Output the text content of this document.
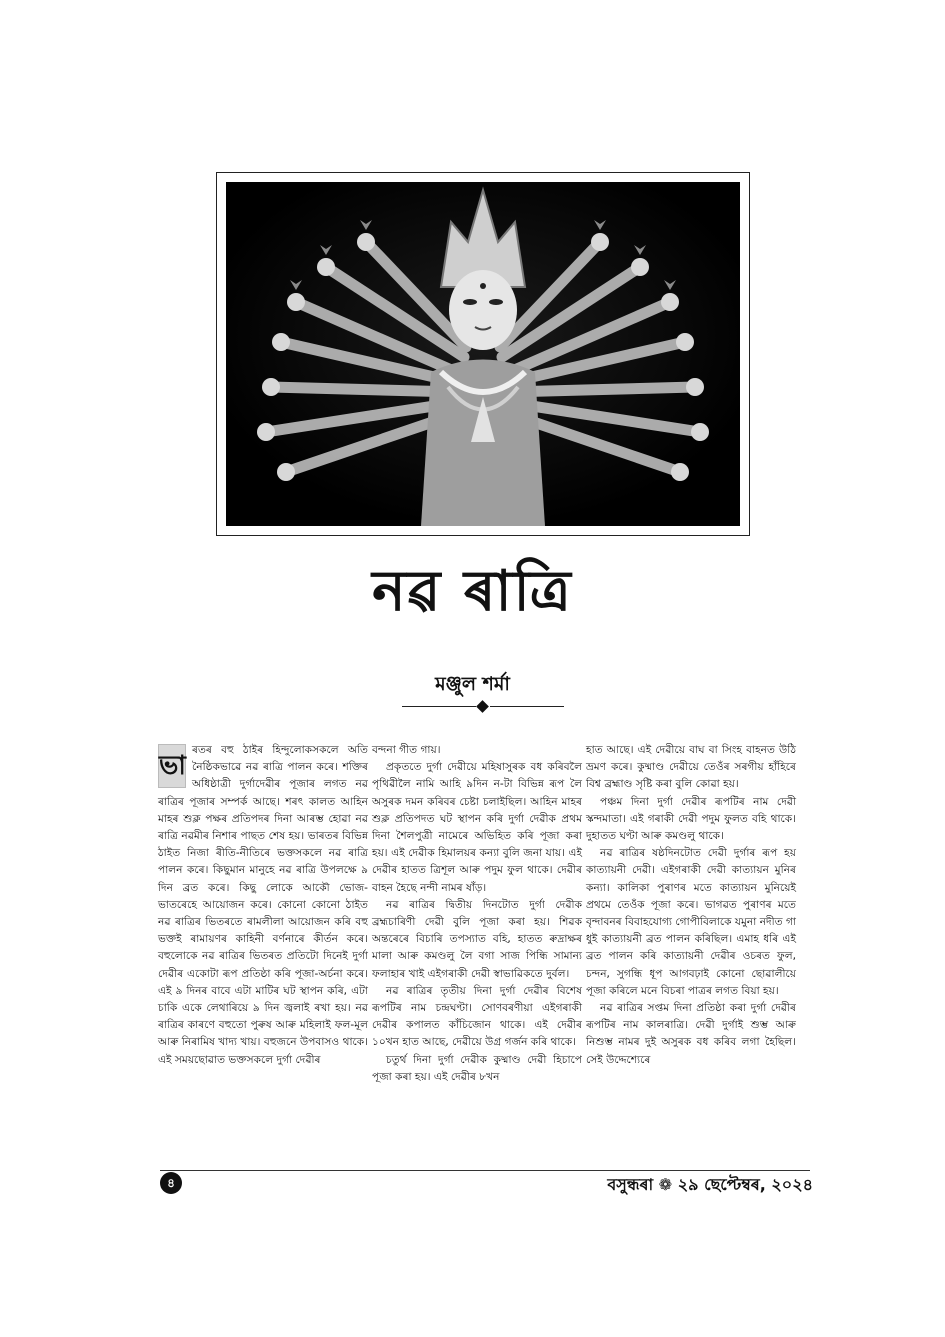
নৱ ৰাত্ৰি
মঞ্জুল শৰ্মা

ভা
ৰতৰ বহু ঠাইৰ হিন্দুলোকসকলে অতি নৈষ্ঠিকভাৱে নৱ ৰাত্ৰি পালন কৰে। শক্তিৰ অধিষ্ঠাত্ৰী দুৰ্গাদেৱীৰ পূজাৰ লগত নৱ ৰাত্ৰিৰ পূজাৰ সম্পৰ্ক আছে। শৰৎ কালত আহিন মাহৰ শুক্ল পক্ষৰ প্ৰতিপদৰ দিনা আৰম্ভ হোৱা নৱ ৰাত্ৰি নৱমীৰ নিশাৰ পাছত শেষ হয়। ভাৰতৰ বিভিন্ন ঠাইত নিজা ৰীতি-নীতিৰে ভক্তসকলে নৱ ৰাত্ৰি পালন কৰে। কিছুমান মানুহে নৱ ৰাত্ৰি উপলক্ষে ৯ দিন ব্ৰত কৰে। কিছু লোকে আকৌ ভোজ-ভাতৰেহে আয়োজন কৰে। কোনো কোনো ঠাইত নৱ ৰাত্ৰিৰ ভিতৰতে ৰামলীলা আয়োজন কৰি বহু ভক্তই ৰামায়ণৰ কাহিনী বৰ্ণনাৰে কীৰ্তন কৰে। বহুলোকে নৱ ৰাত্ৰিৰ ভিতৰত প্ৰতিটো দিনেই দুৰ্গা দেৱীৰ একোটা ৰূপ প্ৰতিষ্ঠা কৰি পূজা-অৰ্চনা কৰে। এই ৯ দিনৰ বাবে এটা মাটিৰ ঘট স্থাপন কৰি, এটা চাকি একে লেথাৰিয়ে ৯ দিন জ্বলাই ৰখা হয়। নৱ ৰাত্ৰিৰ কাৰণে বহুতো পুৰুষ আৰু মহিলাই ফল-মূল আৰু নিৰামিষ খাদ্য খায়। বহুজনে উপবাসও থাকে। এই সময়ছোৱাত ভক্তসকলে দুৰ্গা দেৱীৰ

বন্দনা গীত গায়।

প্ৰকৃততে দুৰ্গা দেৱীয়ে মহিষাসুৰক বধ কৰিবলৈ পৃথিৱীলৈ নামি আহি ৯দিন ন-টা বিভিন্ন ৰূপ লৈ অসুৰক দমন কৰিবৰ চেষ্টা চলাইছিল। আহিন মাহৰ শুক্ল প্ৰতিপদত ঘট স্থাপন কৰি দুৰ্গা দেৱীক প্ৰথম দিনা শৈলপুত্ৰী নামেৰে অভিহিত কৰি পূজা কৰা হয়। এই দেৱীক হিমালয়ৰ কন্যা বুলি জনা যায়। এই দেৱীৰ হাতত ত্ৰিশূল আৰু পদুম ফুল থাকে। দেৱীৰ বাহন হৈছে নন্দী নামৰ ষাঁড়।

নৱ ৰাত্ৰিৰ দ্বিতীয় দিনটোত দুৰ্গা দেৱীক ব্ৰহ্মচাৰিণী দেৱী বুলি পূজা কৰা হয়। শিৱক অন্তৰেৰে বিচাৰি তপস্যাত বহি, হাতত ৰুদ্ৰাক্ষৰ মালা আৰু কমণ্ডলু লৈ বগা সাজ পিন্ধি সামান্য ফলাহাৰ খাই এইগৰাকী দেৱী স্বাভাৱিকতে দুৰ্বল।

নৱ ৰাত্ৰিৰ তৃতীয় দিনা দুৰ্গা দেৱীৰ বিশেষ ৰূপটিৰ নাম চন্দ্ৰঘণ্টা। সোণবৰণীয়া এইগৰাকী দেৱীৰ কপালত কাঁচিজোন থাকে। এই দেৱীৰ ১০খন হাত আছে, দেৱীয়ে উগ্ৰ গৰ্জন কৰি থাকে।

চতুৰ্থ দিনা দুৰ্গা দেৱীক কুষ্মাণ্ড দেৱী হিচাপে পূজা কৰা হয়। এই দেৱীৰ ৮খন

হাত আছে। এই দেৱীয়ে বাঘ বা সিংহ বাহনত উঠি ভ্ৰমণ কৰে। কুষ্মাণ্ড দেৱীয়ে তেওঁৰ সৰগীয় হাঁহিৰে বিশ্ব ব্ৰহ্মাণ্ড সৃষ্টি কৰা বুলি কোৱা হয়।

পঞ্চম দিনা দুৰ্গা দেৱীৰ ৰূপটিৰ নাম দেৱী স্কন্দমাতা। এই গৰাকী দেৱী পদুম ফুলত বহি থাকে। দুহাতত ঘণ্টা আৰু কমণ্ডলু থাকে।

নৱ ৰাত্ৰিৰ ষষ্ঠদিনটোত দেৱী দুৰ্গাৰ ৰূপ হয় কাত্যায়নী দেৱী। এইগৰাকী দেৱী কাত্যায়ন মুনিৰ কন্যা। কালিকা পুৰাণৰ মতে কাত্যায়ন মুনিয়েই প্ৰথমে তেওঁক পূজা কৰে। ভাগৱত পুৰাণৰ মতে বৃন্দাবনৰ বিবাহযোগ্য গোপীবিলাকে যমুনা নদীত গা ধুই কাত্যায়নী ব্ৰত পালন কৰিছিল। এমাহ ধৰি এই ব্ৰত পালন কৰি কাত্যায়নী দেৱীৰ ওচৰত ফুল, চন্দন, সুগন্ধি ধূপ আগবঢ়াই কোনো ছোৱালীয়ে পূজা কৰিলে মনে বিচৰা পাত্ৰৰ লগত বিয়া হয়।

নৱ ৰাত্ৰিৰ সপ্তম দিনা প্ৰতিষ্ঠা কৰা দুৰ্গা দেৱীৰ ৰূপটিৰ নাম কালৰাত্ৰি। দেৱী দুৰ্গাই শুম্ভ আৰু নিশুম্ভ নামৰ দুই অসুৰক বধ কৰিব লগা হৈছিল। সেই উদ্দেশ্যেৰে

৪	বসুন্ধৰা ❁ ২৯ ছেপ্টেম্বৰ, ২০২৪
